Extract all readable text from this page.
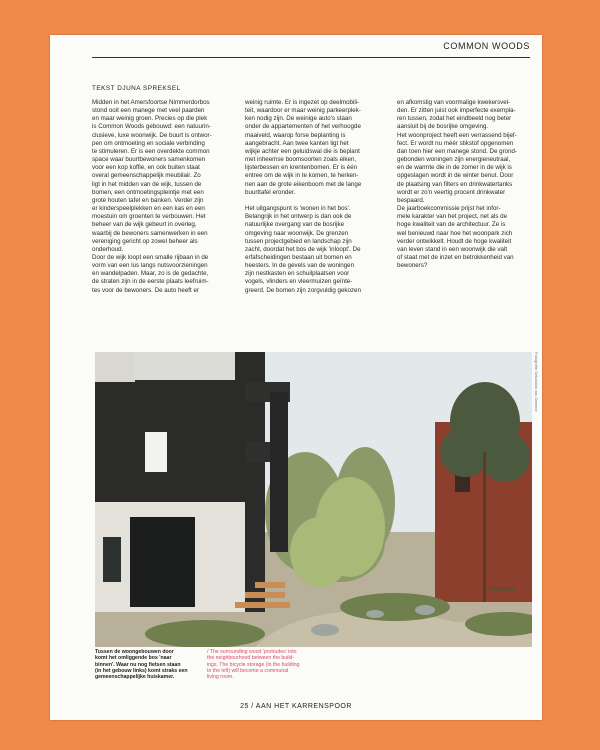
COMMON WOODS
TEKST DJUNA SPREKSEL

Midden in het Amersfoortse Nimmerdorbos

stond ooit een manege met veel paarden

en maar weinig groen. Precies op die plek

is Common Woods gebouwd: een natuurin-

clusieve, luxe woonwijk. De buurt is ontwor-

pen om ontmoeting en sociale verbinding

te stimuleren. Er is een overdekte common

space waar buurtbewoners samenkomen

voor een kop koffie, en ook buiten staat

overal gemeenschappelijk meubilair. Zo

ligt in het midden van de wijk, tussen de

bomen, een ontmoetingspleintje met een

grote houten tafel en banken. Verder zijn

er kinderspeelplekken en een kas en een

moestuin om groenten te verbouwen. Het

beheer van de wijk gebeurt in overleg,

waarbij de bewoners samenwerken in een

vereniging gericht op zowel beheer als

onderhoud.

Door de wijk loopt een smalle rijbaan in de

vorm van een lus langs nutsvoorzieningen

en wandelpaden. Maar, zo is de gedachte,

de straten zijn in de eerste plaats leefruim-

tes voor de bewoners. De auto heeft er

weinig ruimte. Er is ingezet op deelmobili-

teit, waardoor er maar weinig parkeerplek-

ken nodig zijn. De weinige auto's staan

onder de appartementen of het verhoogde

maaiveld, waarop forse beplanting is

aangebracht. Aan twee kanten ligt het

wijkje achter een geluidswal die is beplant

met inheemse boomsoorten zoals eiken,

lijsterbessen en krentenbomen. Er is één

entree om de wijk in te komen, te herken-

nen aan de grote eikenboom met de lange

buurttafel eronder.

Het uitgangspunt is 'wonen in het bos'.

Belangrijk in het ontwerp is dan ook de

natuurlijke overgang van de bosrijke

omgeving naar woonwijk. De grenzen

tussen projectgebied en landschap zijn

zacht, doordat het bos de wijk 'inloopt'. De

erfafscheidingen bestaan uit bomen en

heesters. In de gevels van de woningen

zijn nestkasten en schuilplaatsen voor

vogels, vlinders en vleermuizen geïnte-

greerd. De bomen zijn zorgvuldig gekozen

en afkomstig van voormalige kwekersvel-

den. Er zitten juist ook imperfecte exempla-

ren tussen, zodat het eindbeeld nog beter

aansluit bij de bosrijke omgeving.

Het woonproject heeft een verrassend bijef-

fect. Er wordt nu méér stikstof opgenomen

dan toen hier een manege stond. De grond-

gebonden woningen zijn energieneutraal,

en de warmte die in de zomer in de wijk is

opgeslagen wordt in de winter benut. Door

de plaatsing van filters en drinkwatertanks

wordt er zo'n veertig procent drinkwater

bespaard.

De jaarboekcommissie prijst het infor-

mele karakter van het project, net als de

hoge kwaliteit van de architectuur. Ze is

wel benieuwd naar hoe het woonpark zich

verder ontwikkelt. Houdt de hoge kwaliteit

van leven stand in een woonwijk die valt

of staat met de inzet en betrokkenheid van

bewoners?

Fotografie Sebastian van Damme
Tussen de woongebouwen door
komt het omliggende bos 'naar
binnen'. Waar nu nog fietsen staan
(in het gebouw links) komt straks een
gemeenschappelijke huiskamer.
/ The surrounding wood 'protrudes' into
the neighbourhood between the build-
ings. The bicycle storage (in the building
to the left) will become a communal
living room.
25 / AAN HET KARRENSPOOR
